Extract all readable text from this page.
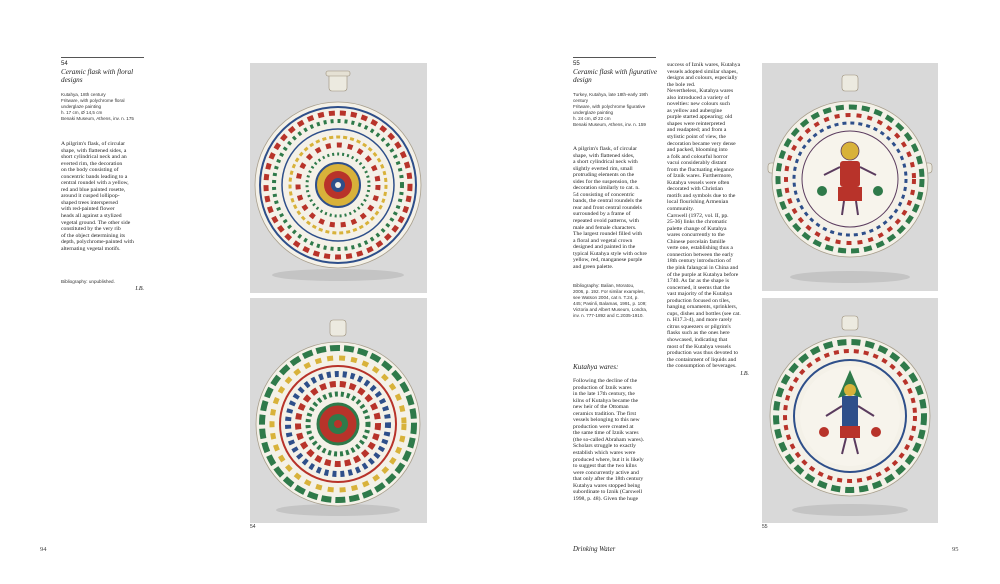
54
Ceramic flask with floral designs
Kutahya, 18th century
Fritware, with polychrome floral
underglaze painting
h. 17 cm, Ø 14,5 cm
Benaki Museum, Athens, inv. n. 175
A pilgrim's flask, of circular
shape, with flattened sides, a
short cylindrical neck and an
everted rim, the decoration
on the body consisting of
concentric bands leading to a
central roundel with a yellow,
red and blue painted rosette,
around it cusped lollipop-
shaped trees interspersed
with red-painted flower
heads all against a stylized
vegetal ground. The other side
constituted by the very rib
of the object determining its
depth, polychrome-painted with
alternating vegetal motifs.
Bibliography: unpublished.
I.B.
54
94
55
Ceramic flask with figurative design
Turkey, Kutahya, late 18th-early 19th
century
Fritware, with polychrome figurative
underglaze painting
h. 24 cm, Ø 22 cm
Benaki Museum, Athens, inv. n. 159
A pilgrim's flask, of circular
shape, with flattened sides,
a short cylindrical neck with
slightly everted rim, small
protruding elements on the
sides for the suspension, the
decoration similarly to cat. n.
54 consisting of concentric
bands, the central roundels the
rear and front central roundels
surrounded by a frame of
repeated ovoid patterns, with
male and female characters.
The largest roundel filled with
a floral and vegetal crown
designed and painted in the
typical Kutahya style with ochre
yellow, red, manganese purple
and green palette.
Bibliography: Balian, Moratou,
2006, p. 192. For similar examples,
see Watson 2004, cat n. T.24, p.
445; Pasinli, Balamas, 1991, p. 109;
Victoria and Albert Museum, Londra,
inv. n. 777-1892 and C.2035-1910.
Kutahya wares:
Following the decline of the
production of Iznik wares
in the late 17th century, the
kilns of Kutahya became the
new heir of the Ottoman
ceramics tradition. The first
vessels belonging to this new
production were created at
the same time of Iznik wares
(the so-called Abraham wares).
Scholars struggle to exactly
establish which wares were
produced where, but it is likely
to suggest that the two kilns
were concurrently active and
that only after the 18th century
Kutahya wares stopped being
subordinate to Iznik (Carswell
1998, p. 48). Given the huge
success of Iznik wares, Kutahya
vessels adopted similar shapes,
designs and colours, especially
the bole red.
Nevertheless, Kutahya wares
also introduced a variety of
novelties: new colours such
as yellow and aubergine
purple started appearing; old
shapes were reinterpreted
and readapted; and from a
stylistic point of view, the
decoration became very dense
and packed, blooming into
a folk and colourful horror
vacui considerably distant
from the fluctuating elegance
of Iznik wares. Furthermore,
Kutahya vessels were often
decorated with Christian
motifs and symbols due to the
local flourishing Armenian
community.
Carswell (1972, vol. II, pp.
25-36) links the chromatic
palette change of Kutahya
wares concurrently to the
Chinese porcelain famille
verte one, establishing thus a
connection between the early
18th century introduction of
the pink falangcai in China and
of the purple at Kutahya before
1740. As far as the shape is
concerned, it seems that the
vast majority of the Kutahya
production focused on tiles,
hanging ornaments, sprinklers,
cups, dishes and bottles (see cat.
n. H17.3-4), and more rarely
citrus squeezers or pilgrim's
flasks such as the ones here
showcased, indicating that
most of the Kutahya vessels
production was thus devoted to
the containment of liquids and
the consumption of beverages.
I.B.
55
Drinking Water	95
